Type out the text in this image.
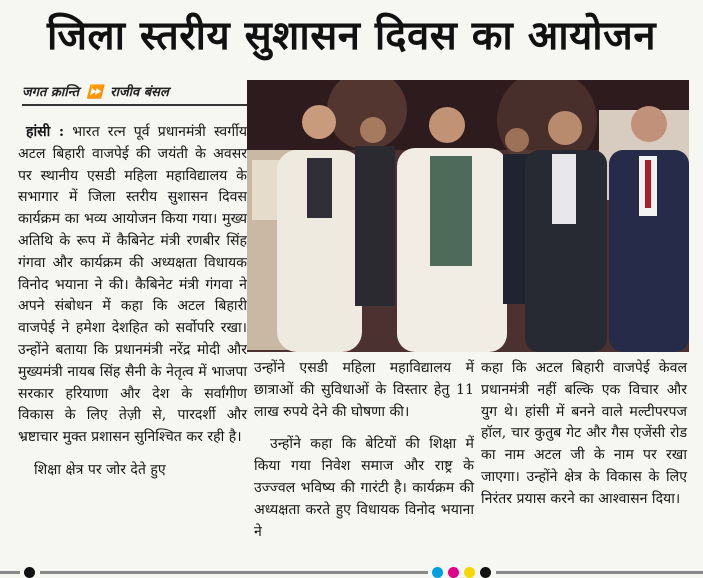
जिला स्तरीय सुशासन दिवस का आयोजन
जगत क्रान्ति ⏩ राजीव बंसल

हांसी : भारत रत्न पूर्व प्रधानमंत्री स्वर्गीय अटल बिहारी वाजपेई की जयंती के अवसर पर स्थानीय एसडी महिला महाविद्यालय के सभागार में जिला स्तरीय सुशासन दिवस कार्यक्रम का भव्य आयोजन किया गया। मुख्य अतिथि के रूप में कैबिनेट मंत्री रणबीर सिंह गंगवा और कार्यक्रम की अध्यक्षता विधायक विनोद भयाना ने की। कैबिनेट मंत्री गंगवा ने अपने संबोधन में कहा कि अटल बिहारी वाजपेई ने हमेशा देशहित को सर्वोपरि रखा। उन्होंने बताया कि प्रधानमंत्री नरेंद्र मोदी और मुख्यमंत्री नायब सिंह सैनी के नेतृत्व में भाजपा सरकार हरियाणा और देश के सर्वांगीण विकास के लिए तेज़ी से, पारदर्शी और भ्रष्टाचार मुक्त प्रशासन सुनिश्चित कर रही है।

शिक्षा क्षेत्र पर जोर देते हुए

उन्होंने एसडी महिला महाविद्यालय में छात्राओं की सुविधाओं के विस्तार हेतु 11 लाख रुपये देने की घोषणा की।

उन्होंने कहा कि बेटियों की शिक्षा में किया गया निवेश समाज और राष्ट्र के उज्ज्वल भविष्य की गारंटी है। कार्यक्रम की अध्यक्षता करते हुए विधायक विनोद भयाना ने

कहा कि अटल बिहारी वाजपेई केवल प्रधानमंत्री नहीं बल्कि एक विचार और युग थे। हांसी में बनने वाले मल्टीपरपज हॉल, चार कुतुब गेट और गैस एजेंसी रोड का नाम अटल जी के नाम पर रखा जाएगा। उन्होंने क्षेत्र के विकास के लिए निरंतर प्रयास करने का आश्वासन दिया।
